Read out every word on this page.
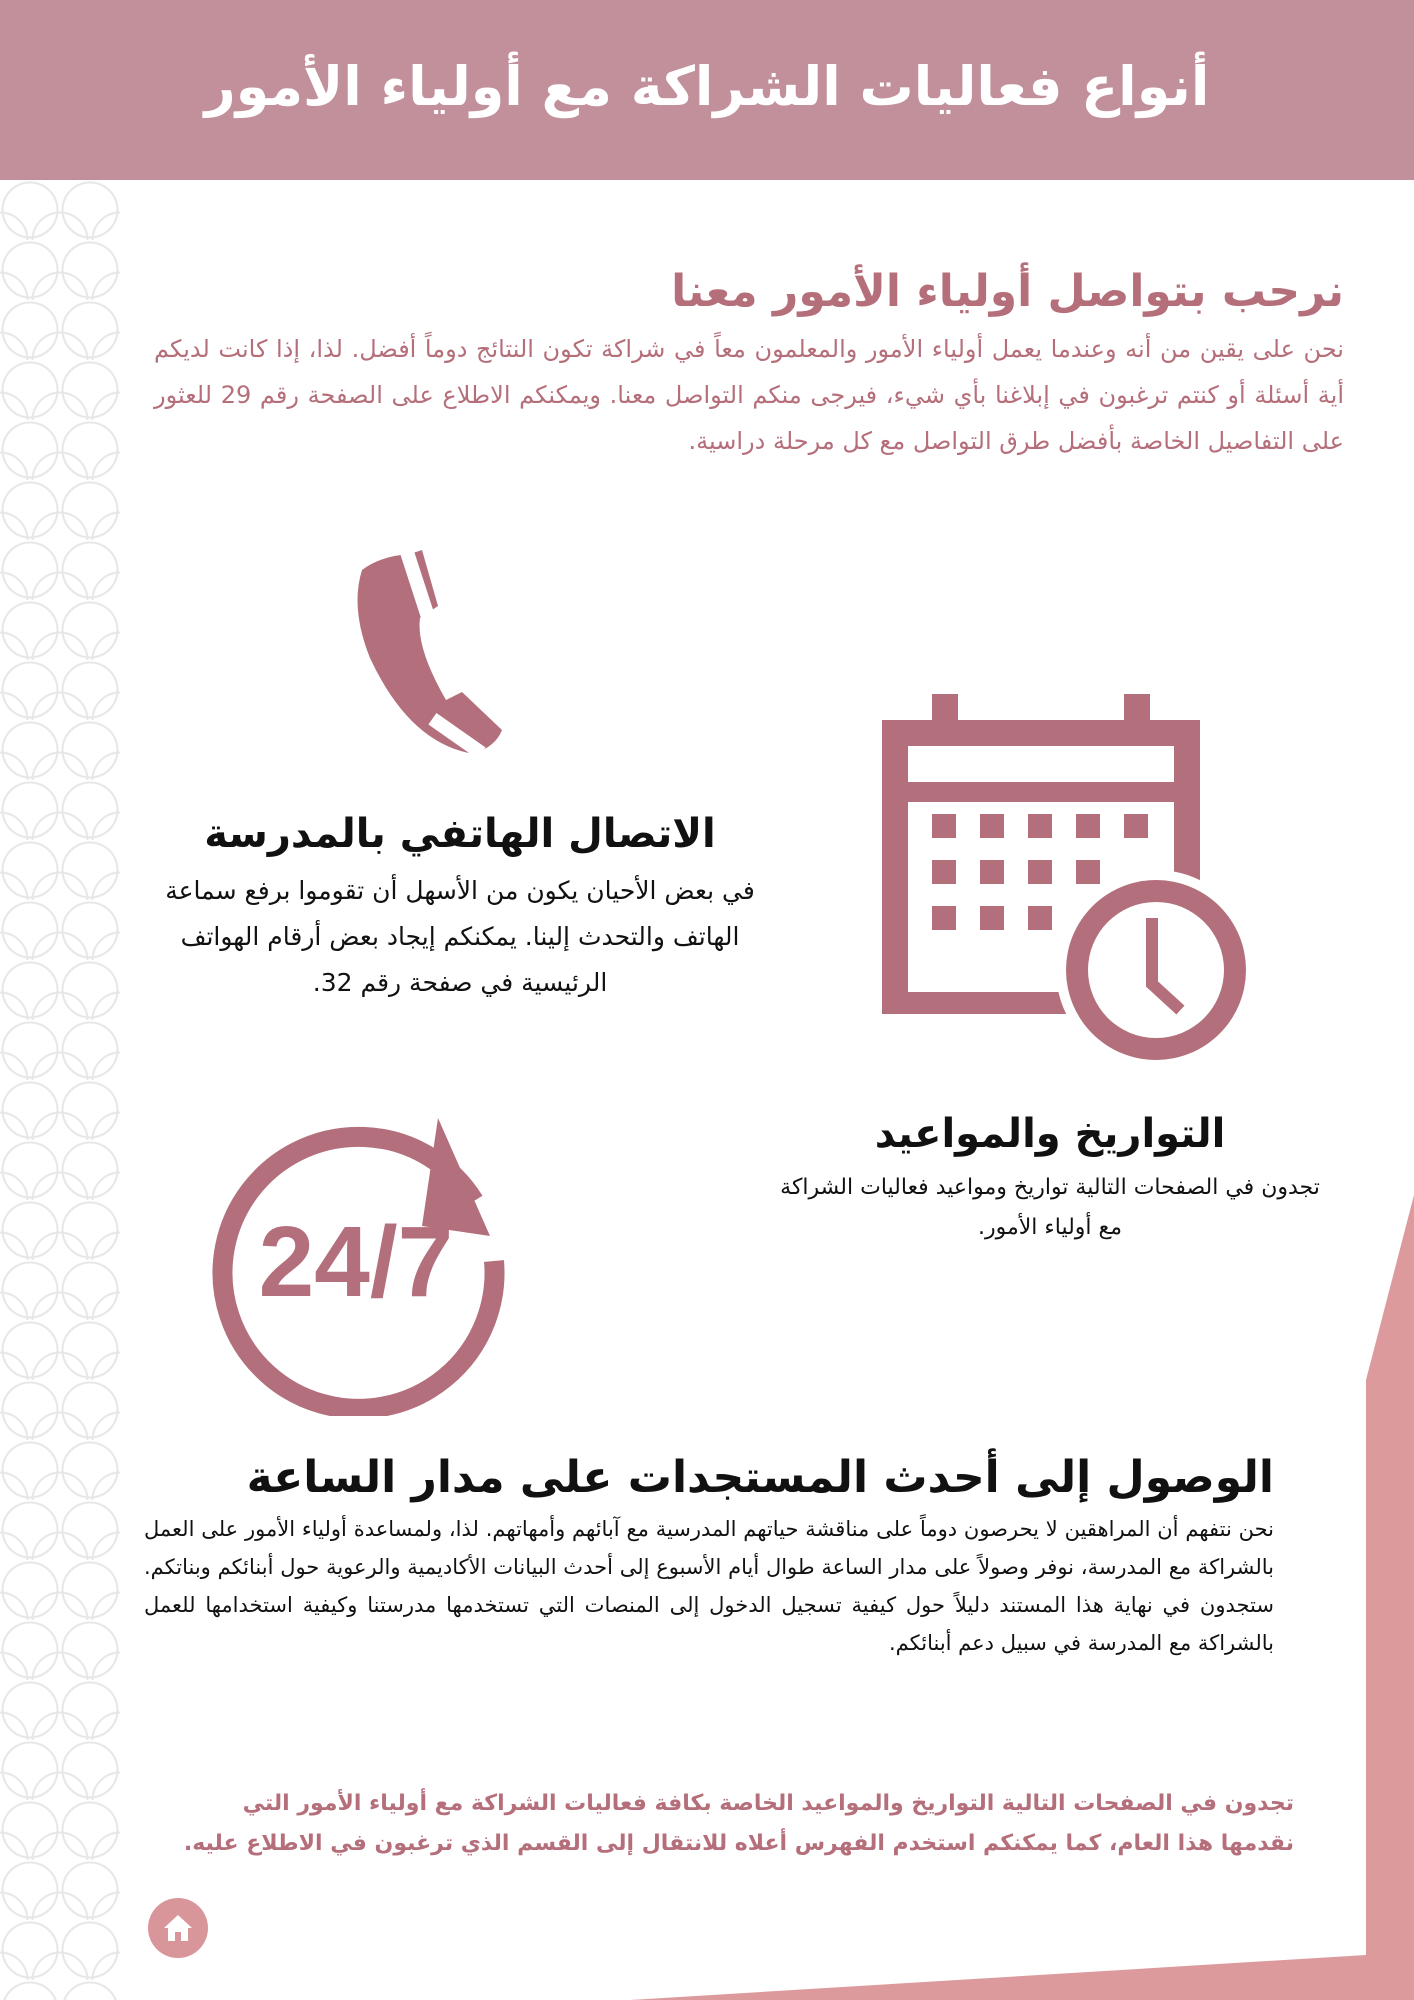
أنواع فعاليات الشراكة مع أولياء الأمور
نرحب بتواصل أولياء الأمور معنا
نحن على يقين من أنه وعندما يعمل أولياء الأمور والمعلمون معاً في شراكة تكون النتائج دوماً أفضل. لذا، إذا كانت لديكم أية أسئلة أو كنتم ترغبون في إبلاغنا بأي شيء، فيرجى منكم التواصل معنا. ويمكنكم الاطلاع على الصفحة رقم 29 للعثور على التفاصيل الخاصة بأفضل طرق التواصل مع كل مرحلة دراسية.
الاتصال الهاتفي بالمدرسة
في بعض الأحيان يكون من الأسهل أن تقوموا برفع سماعة الهاتف والتحدث إلينا. يمكنكم إيجاد بعض أرقام الهواتف الرئيسية في صفحة رقم 32.
التواريخ والمواعيد
تجدون في الصفحات التالية تواريخ ومواعيد فعاليات الشراكة مع أولياء الأمور.
24/7
الوصول إلى أحدث المستجدات على مدار الساعة
نحن نتفهم أن المراهقين لا يحرصون دوماً على مناقشة حياتهم المدرسية مع آبائهم وأمهاتهم. لذا، ولمساعدة أولياء الأمور على العمل بالشراكة مع المدرسة، نوفر وصولاً على مدار الساعة طوال أيام الأسبوع إلى أحدث البيانات الأكاديمية والرعوية حول أبنائكم وبناتكم. ستجدون في نهاية هذا المستند دليلاً حول كيفية تسجيل الدخول إلى المنصات التي تستخدمها مدرستنا وكيفية استخدامها للعمل بالشراكة مع المدرسة في سبيل دعم أبنائكم.
تجدون في الصفحات التالية التواريخ والمواعيد الخاصة بكافة فعاليات الشراكة مع أولياء الأمور التي نقدمها هذا العام، كما يمكنكم استخدم الفهرس أعلاه للانتقال إلى القسم الذي ترغبون في الاطلاع عليه.
